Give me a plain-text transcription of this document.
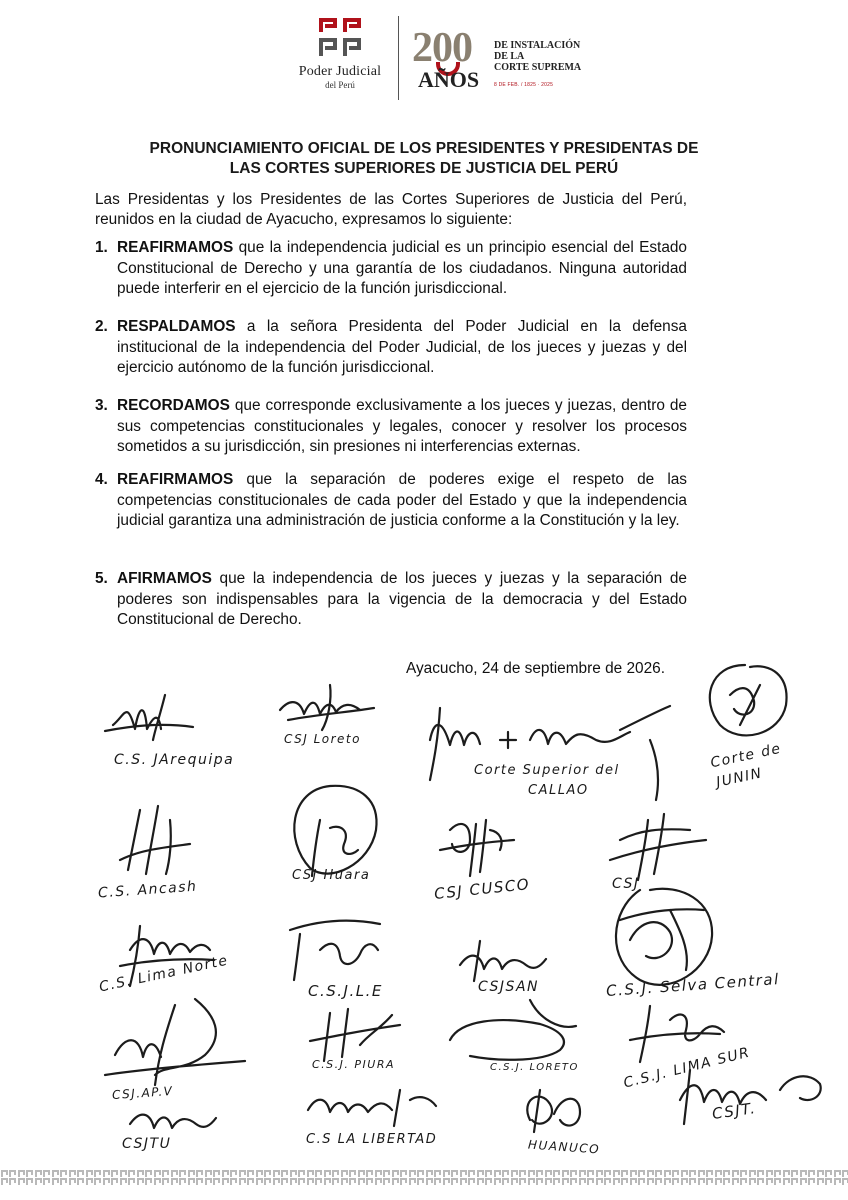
Poder Judicial
del Perú
200
AÑOS
DE INSTALACIÓN
DE LA
CORTE SUPREMA
8 DE FEB. / 1825 · 2025
PRONUNCIAMIENTO OFICIAL DE LOS PRESIDENTES Y PRESIDENTAS DE
LAS CORTES SUPERIORES DE JUSTICIA DEL PERÚ
Las Presidentas y los Presidentes de las Cortes Superiores de Justicia del Perú, reunidos en la ciudad de Ayacucho, expresamos lo siguiente:
1. REAFIRMAMOS que la independencia judicial es un principio esencial del Estado Constitucional de Derecho y una garantía de los ciudadanos. Ninguna autoridad puede interferir en el ejercicio de la función jurisdiccional.
2. RESPALDAMOS a la señora Presidenta del Poder Judicial en la defensa institucional de la independencia del Poder Judicial, de los jueces y juezas y del ejercicio autónomo de la función jurisdiccional.
3. RECORDAMOS que corresponde exclusivamente a los jueces y juezas, dentro de sus competencias constitucionales y legales, conocer y resolver los procesos sometidos a su jurisdicción, sin presiones ni interferencias externas.
4. REAFIRMAMOS que la separación de poderes exige el respeto de las competencias constitucionales de cada poder del Estado y que la independencia judicial garantiza una administración de justicia conforme a la Constitución y la ley.
5. AFIRMAMOS que la independencia de los jueces y juezas y la separación de poderes son indispensables para la vigencia de la democracia y del Estado Constitucional de Derecho.
Ayacucho, 24 de septiembre de 2026.
C.S. JArequipa
CSJ Loreto
Corte Superior del
CALLAO
Corte de
JUNIN
C.S. Ancash
CSJ Huara	CSJ CUSCO	CSJ
C.S. Lima Norte	C.S.J.L.E	CSJSAN	C.S.J. Selva Central
CSJ.AP.V
C.S.J. PIURA	C.S.J. LORETO	C.S.J. LIMA SUR
CSJTU	C.S LA LIBERTAD	HUANUCO
CSJT.
